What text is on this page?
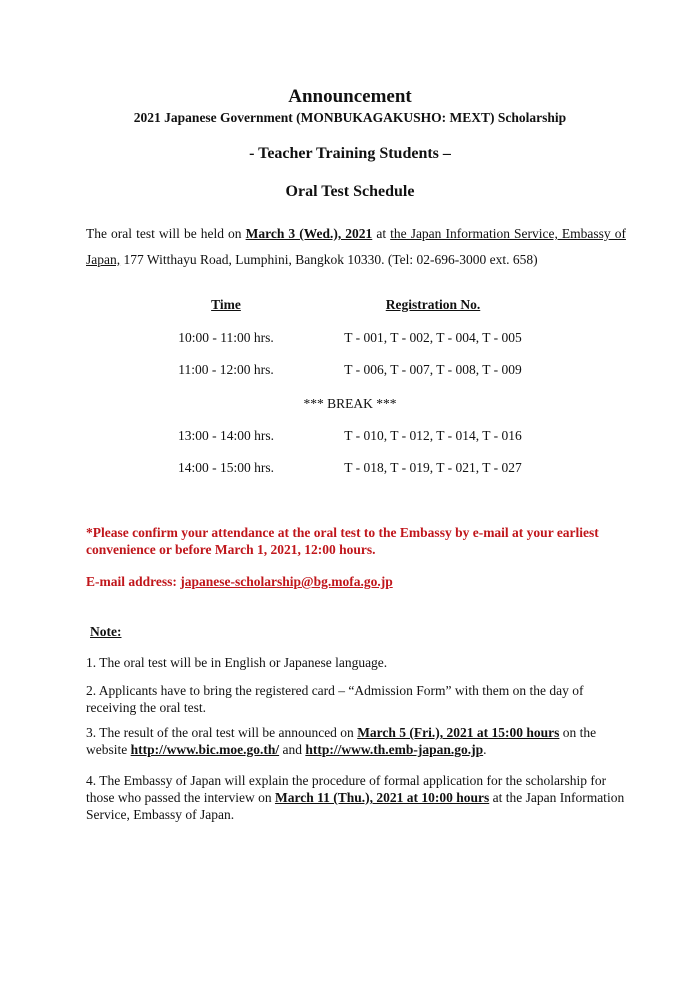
Announcement
2021 Japanese Government (MONBUKAGAKUSHO: MEXT) Scholarship
- Teacher Training Students –
Oral Test Schedule
The oral test will be held on March 3 (Wed.), 2021 at the Japan Information Service, Embassy of Japan, 177 Witthayu Road, Lumphini, Bangkok 10330. (Tel: 02-696-3000 ext. 658)
Time	Registration No.
10:00 - 11:00 hrs.	T - 001, T - 002, T - 004, T - 005
11:00 - 12:00 hrs.	T - 006, T - 007, T - 008, T - 009
*** BREAK ***
13:00 - 14:00 hrs.	T - 010, T - 012, T - 014, T - 016
14:00 - 15:00 hrs.	T - 018, T - 019, T - 021, T - 027
*Please confirm your attendance at the oral test to the Embassy by e-mail at your earliest convenience or before March 1, 2021, 12:00 hours.
E-mail address: japanese-scholarship@bg.mofa.go.jp
Note:
1. The oral test will be in English or Japanese language.
2. Applicants have to bring the registered card – “Admission Form” with them on the day of receiving the oral test.
3. The result of the oral test will be announced on March 5 (Fri.), 2021 at 15:00 hours on the website http://www.bic.moe.go.th/ and http://www.th.emb-japan.go.jp.
4. The Embassy of Japan will explain the procedure of formal application for the scholarship for those who passed the interview on March 11 (Thu.), 2021 at 10:00 hours at the Japan Information Service, Embassy of Japan.
